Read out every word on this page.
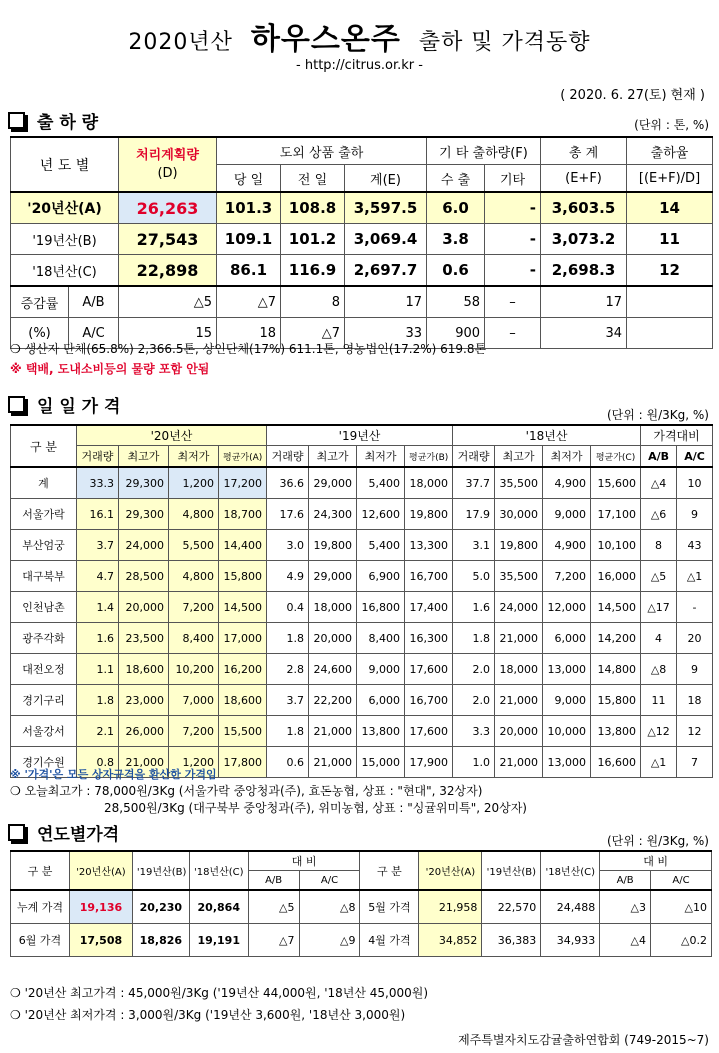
2020년산 하우스온주 출하 및 가격동향
- http://citrus.or.kr -
( 2020. 6. 27(토) 현재 )
출 하 량	(단위 : 톤, %)
년 도 별		처리계획량
(D)	도외 상품 출하			기 타 출하량(F)		총 계	출하율
			당 일	전 일	계(E)	수 출	기타	(E+F)	[(E+F)/D]
'20년산(A)		26,263	101.3	108.8	3,597.5	6.0	-	3,603.5	14
'19년산(B)		27,543	109.1	101.2	3,069.4	3.8	-	3,073.2	11
'18년산(C)		22,898	86.1	116.9	2,697.7	0.6	-	2,698.3	12
증감률	A/B	△5	△7	8	17	58	–	17	
(%)	A/C	15	18	△7	33	900	–	34	
❍ 생산자 단체(65.8%) 2,366.5톤, 상인단체(17%) 611.1톤, 영농법인(17.2%) 619.8톤
※ 택배, 도내소비등의 물량 포함 안됨
일 일 가 격	(단위 : 원/3Kg, %)
구 분	'20년산				'19년산				'18년산				가격대비	
	거래량	최고가	최저가	평균가(A)	거래량	최고가	최저가	평균가(B)	거래량	최고가	최저가	평균가(C)	A/B	A/C
계	33.3	29,300	1,200	17,200	36.6	29,000	5,400	18,000	37.7	35,500	4,900	15,600	△4	10
서울가락	16.1	29,300	4,800	18,700	17.6	24,300	12,600	19,800	17.9	30,000	9,000	17,100	△6	9
부산엄궁	3.7	24,000	5,500	14,400	3.0	19,800	5,400	13,300	3.1	19,800	4,900	10,100	8	43
대구북부	4.7	28,500	4,800	15,800	4.9	29,000	6,900	16,700	5.0	35,500	7,200	16,000	△5	△1
인천남촌	1.4	20,000	7,200	14,500	0.4	18,000	16,800	17,400	1.6	24,000	12,000	14,500	△17	-
광주각화	1.6	23,500	8,400	17,000	1.8	20,000	8,400	16,300	1.8	21,000	6,000	14,200	4	20
대전오정	1.1	18,600	10,200	16,200	2.8	24,600	9,000	17,600	2.0	18,000	13,000	14,800	△8	9
경기구리	1.8	23,000	7,000	18,600	3.7	22,200	6,000	16,700	2.0	21,000	9,000	15,800	11	18
서울강서	2.1	26,000	7,200	15,500	1.8	21,000	13,800	17,600	3.3	20,000	10,000	13,800	△12	12
경기수원	0.8	21,000	1,200	17,800	0.6	21,000	15,000	17,900	1.0	21,000	13,000	16,600	△1	7
※ '가격'은 모든 상자규격을 환산한 가격임
❍ 오늘최고가 : 78,000원/3Kg (서울가락 중앙청과(주), 효돈농협, 상표 : "현대", 32상자)
28,500원/3Kg (대구북부 중앙청과(주), 위미농협, 상표 : "싱귤위미특", 20상자)
연도별가격	(단위 : 원/3Kg, %)
구 분	'20년산(A)	'19년산(B)	'18년산(C)	대 비		구 분	'20년산(A)	'19년산(B)	'18년산(C)	대 비	
				A/B	A/C					A/B	A/C
누계 가격	19,136	20,230	20,864	△5	△8	5월 가격	21,958	22,570	24,488	△3	△10
6월 가격	17,508	18,826	19,191	△7	△9	4월 가격	34,852	36,383	34,933	△4	△0.2
❍ '20년산 최고가격 : 45,000원/3Kg ('19년산 44,000원, '18년산 45,000원)
❍ '20년산 최저가격 : 3,000원/3Kg ('19년산 3,600원, '18년산 3,000원)
제주특별자치도감귤출하연합회 (749-2015~7)
